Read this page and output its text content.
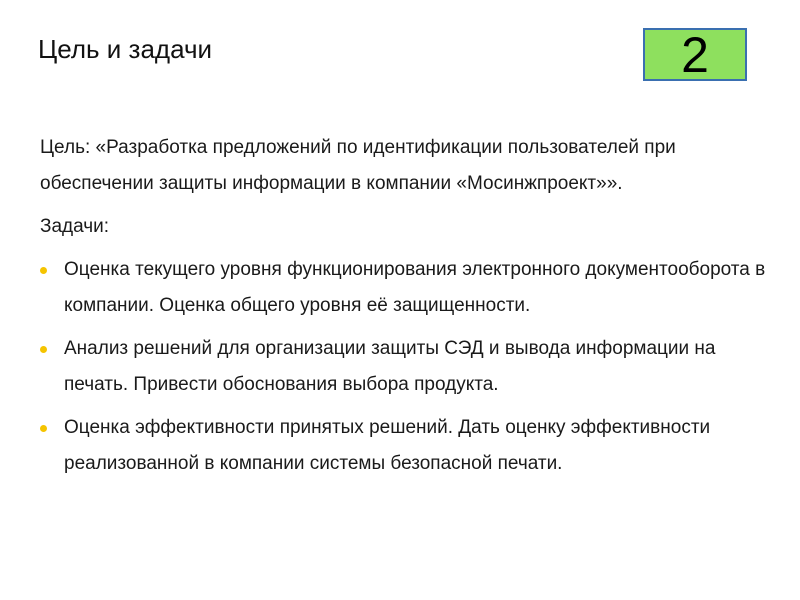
Цель и задачи	2

Цель: «Разработка предложений по идентификации пользователей при обеспечении защиты информации в компании «Мосинжпроект»».

Задачи:

Оценка текущего уровня функционирования электронного документооборота в компании. Оценка общего уровня её защищенности.
Анализ решений для организации защиты СЭД и вывода информации на печать. Привести обоснования выбора продукта.
Оценка эффективности принятых решений. Дать оценку эффективности реализованной в компании системы безопасной печати.
